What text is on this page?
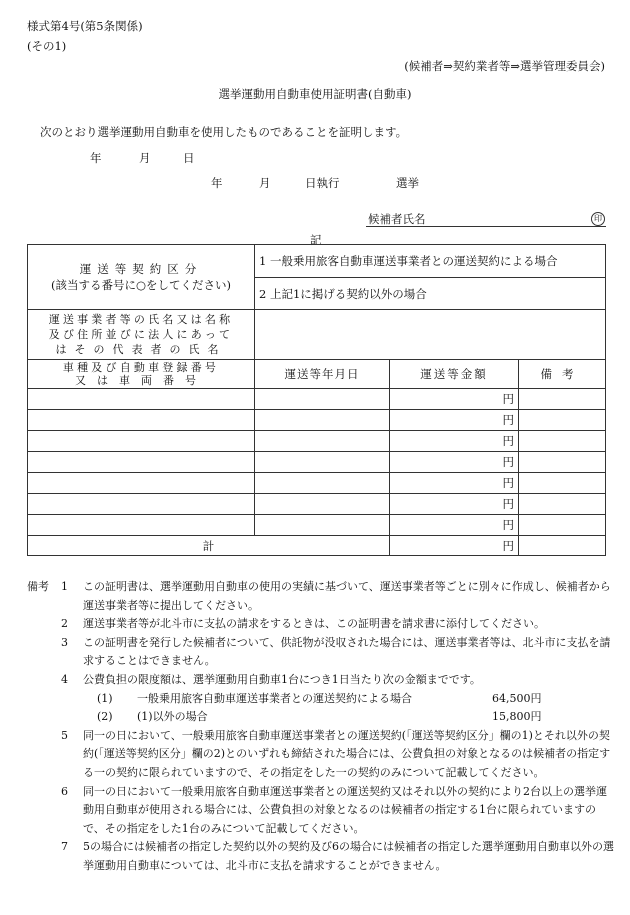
様式第4号(第5条関係)
(その1)
(候補者⇒契約業者等⇒選挙管理委員会)
選挙運動用自動車使用証明書(自動車)
次のとおり選挙運動用自動車を使用したものであることを証明します。
年	月	日
年	月	日執行	選挙
候補者氏名	印
記
運送等契約区分
(該当する番号に○をしてください)	1 一般乗用旅客自動車運送事業者との運送契約による場合		
	2 上記1に掲げる契約以外の場合		

運送事業者等の氏名又は名称
及び住所並びに法人にあって
はその代表者の氏名			

車種及び自動車登録番号
又は車両番号	運送等年月日	運送等金額	備考
		円	
		円	
		円	
		円	
		円	
		円	
		円	
計		円	
備考	1	この証明書は、選挙運動用自動車の使用の実績に基づいて、運送事業者等ごとに別々に作成し、候補者から運送事業者等に提出してください。
2	運送事業者等が北斗市に支払の請求をするときは、この証明書を請求書に添付してください。
3	この証明書を発行した候補者について、供託物が没収された場合には、運送事業者等は、北斗市に支払を請求することはできません。
4	公費負担の限度額は、選挙運動用自動車1台につき1日当たり次の金額までです。
(1)	一般乗用旅客自動車運送事業者との運送契約による場合	64,500円
(2)	(1)以外の場合	15,800円
5	同一の日において、一般乗用旅客自動車運送事業者との運送契約(「運送等契約区分」欄の1)とそれ以外の契約(「運送等契約区分」欄の2)とのいずれも締結された場合には、公費負担の対象となるのは候補者の指定する一の契約に限られていますので、その指定をした一の契約のみについて記載してください。
6	同一の日において一般乗用旅客自動車運送事業者との運送契約又はそれ以外の契約により2台以上の選挙運動用自動車が使用される場合には、公費負担の対象となるのは候補者の指定する1台に限られていますので、その指定をした1台のみについて記載してください。
7	5の場合には候補者の指定した契約以外の契約及び6の場合には候補者の指定した選挙運動用自動車以外の選挙運動用自動車については、北斗市に支払を請求することができません。
